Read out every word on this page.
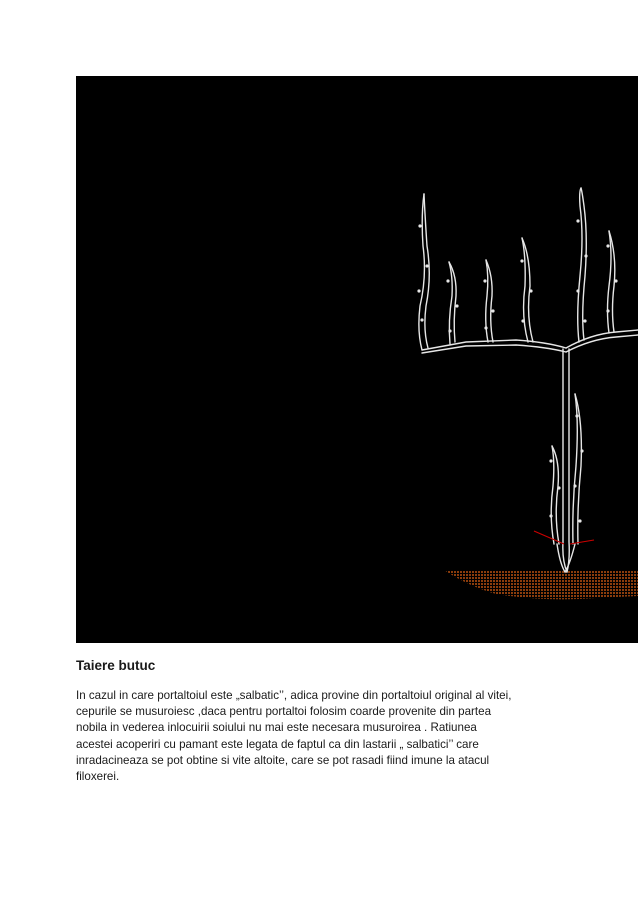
Taiere butuc

In cazul in care portaltoiul este „salbatic’’, adica provine din portaltoiul original al vitei,
cepurile se musuroiesc ,daca pentru portaltoi folosim coarde provenite din partea
nobila in vederea inlocuirii soiului nu mai este necesara musuroirea . Ratiunea
acestei acoperiri cu pamant este legata de faptul ca din lastarii „ salbatici’’ care
inradacineaza se pot obtine si vite altoite, care se pot rasadi fiind imune la atacul
filoxerei.
